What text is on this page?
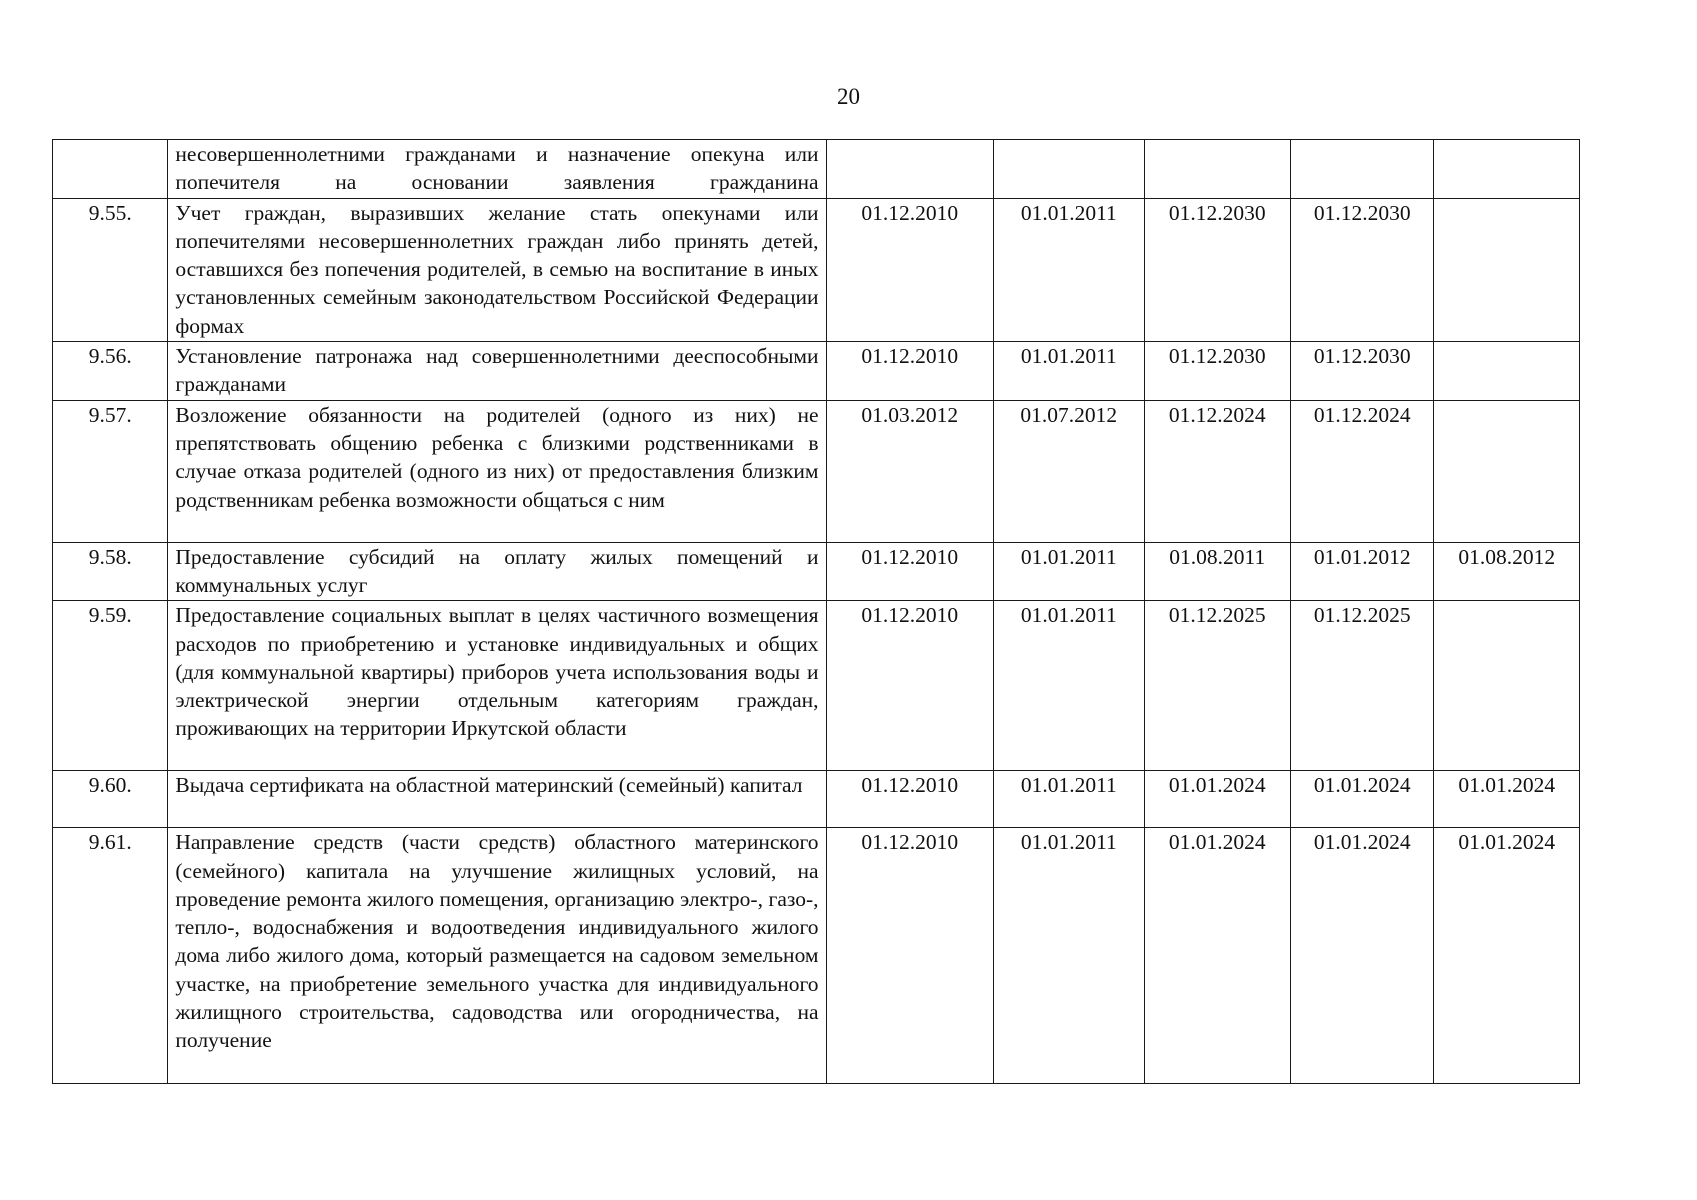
20
	несовершеннолетними гражданами и назначение опекуна или попечителя на основании заявления гражданина					
9.55.	Учет граждан, выразивших желание стать опекунами или попечителями несовершеннолетних граждан либо принять детей, оставшихся без попечения родителей, в семью на воспитание в иных установленных семейным законодательством Российской Федерации формах	01.12.2010	01.01.2011	01.12.2030	01.12.2030	
9.56.	Установление патронажа над совершеннолетними дееспособными гражданами	01.12.2010	01.01.2011	01.12.2030	01.12.2030	
9.57.	Возложение обязанности на родителей (одного из них) не препятствовать общению ребенка с близкими родственниками в случае отказа родителей (одного из них) от предоставления близким родственникам ребенка возможности общаться с ним	01.03.2012	01.07.2012	01.12.2024	01.12.2024	
9.58.	Предоставление субсидий на оплату жилых помещений и коммунальных услуг	01.12.2010	01.01.2011	01.08.2011	01.01.2012	01.08.2012
9.59.	Предоставление социальных выплат в целях частичного возмещения расходов по приобретению и установке индивидуальных и общих (для коммунальной квартиры) приборов учета использования воды и электрической энергии отдельным категориям граждан, проживающих на территории Иркутской области	01.12.2010	01.01.2011	01.12.2025	01.12.2025	
9.60.	Выдача сертификата на областной материнский (семейный) капитал	01.12.2010	01.01.2011	01.01.2024	01.01.2024	01.01.2024
9.61.	Направление средств (части средств) областного материнского (семейного) капитала на улучшение жилищных условий, на проведение ремонта жилого помещения, организацию электро-, газо-, тепло-, водоснабжения и водоотведения индивидуального жилого дома либо жилого дома, который размещается на садовом земельном участке, на приобретение земельного участка для индивидуального жилищного строительства, садоводства или огородничества, на получение	01.12.2010	01.01.2011	01.01.2024	01.01.2024	01.01.2024
